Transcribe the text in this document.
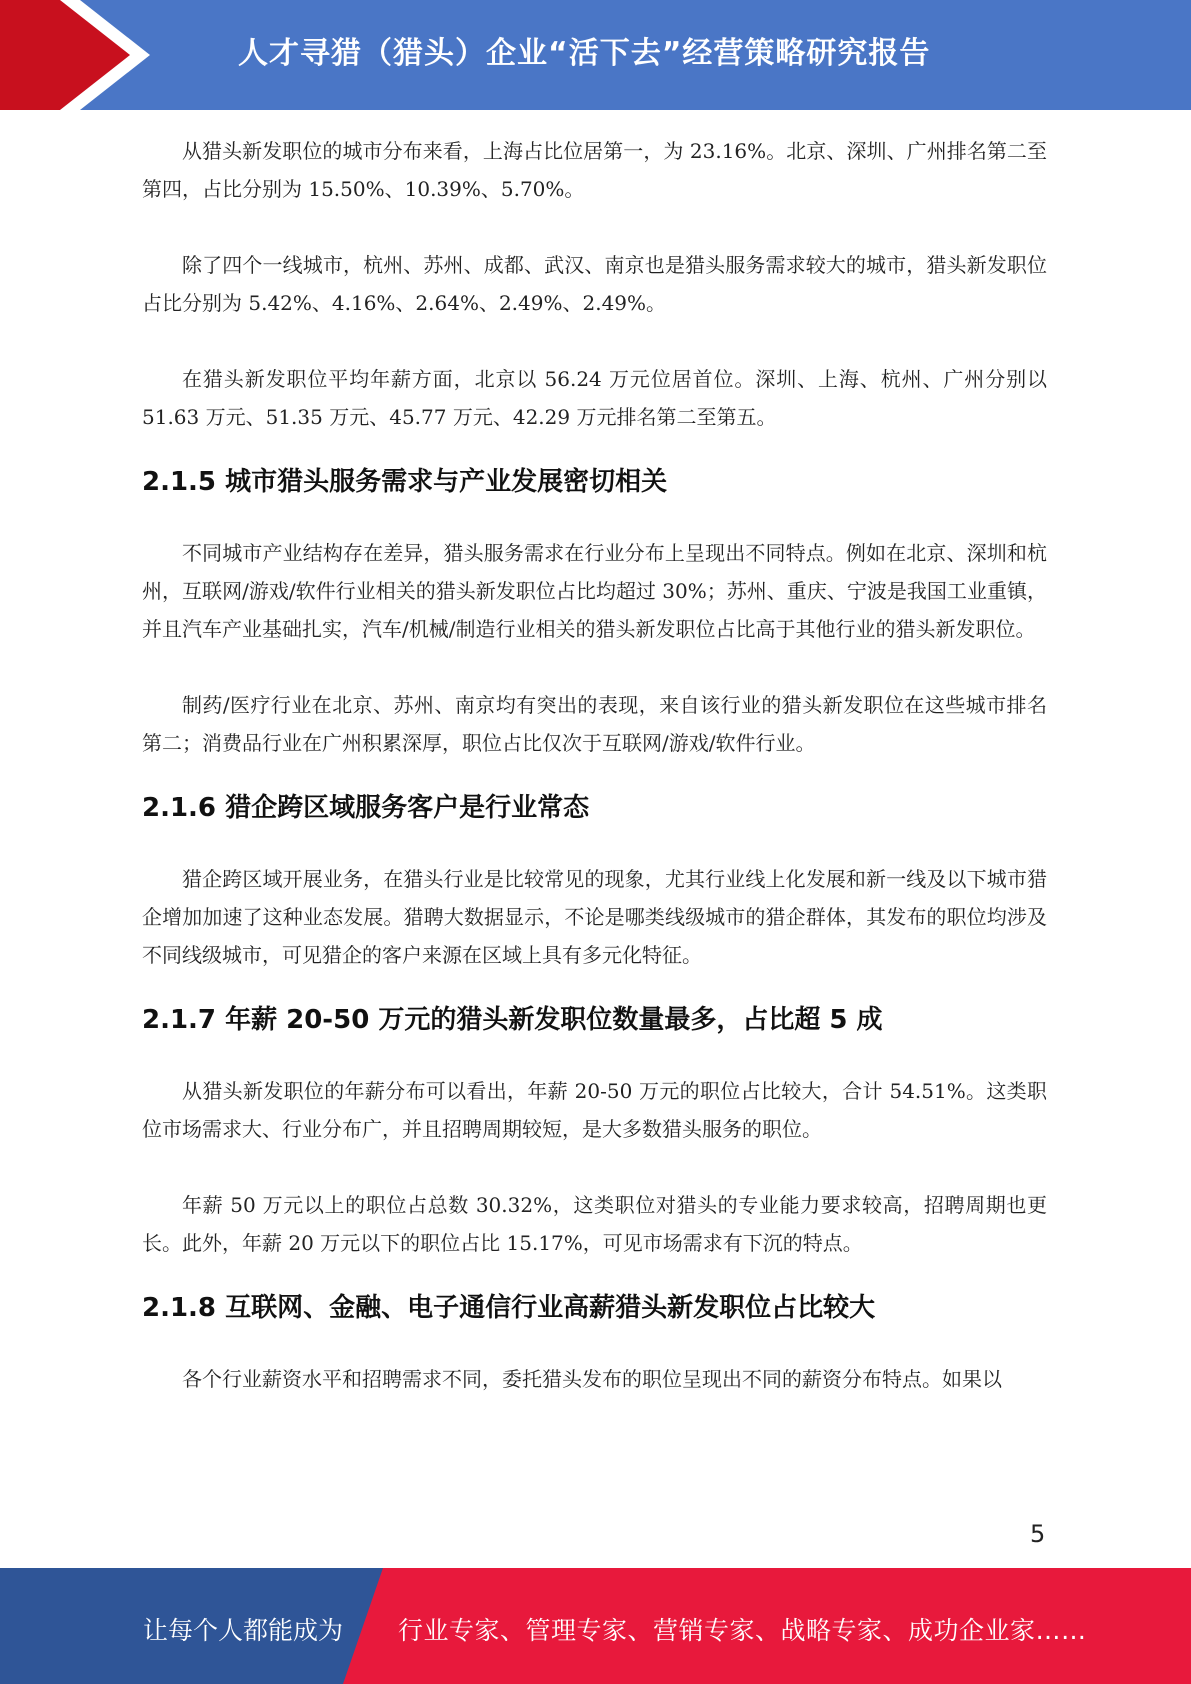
人才寻猎（猎头）企业“活下去”经营策略研究报告

从猎头新发职位的城市分布来看，上海占比位居第一，为 23.16%。北京、深圳、广州排名第二至第四，占比分别为 15.50%、10.39%、5.70%。

除了四个一线城市，杭州、苏州、成都、武汉、南京也是猎头服务需求较大的城市，猎头新发职位占比分别为 5.42%、4.16%、2.64%、2.49%、2.49%。

在猎头新发职位平均年薪方面，北京以 56.24 万元位居首位。深圳、上海、杭州、广州分别以 51.63 万元、51.35 万元、45.77 万元、42.29 万元排名第二至第五。

2.1.5 城市猎头服务需求与产业发展密切相关

不同城市产业结构存在差异，猎头服务需求在行业分布上呈现出不同特点。例如在北京、深圳和杭州，互联网/游戏/软件行业相关的猎头新发职位占比均超过 30%；苏州、重庆、宁波是我国工业重镇，并且汽车产业基础扎实，汽车/机械/制造行业相关的猎头新发职位占比高于其他行业的猎头新发职位。

制药/医疗行业在北京、苏州、南京均有突出的表现，来自该行业的猎头新发职位在这些城市排名第二；消费品行业在广州积累深厚，职位占比仅次于互联网/游戏/软件行业。

2.1.6 猎企跨区域服务客户是行业常态

猎企跨区域开展业务，在猎头行业是比较常见的现象，尤其行业线上化发展和新一线及以下城市猎企增加加速了这种业态发展。猎聘大数据显示，不论是哪类线级城市的猎企群体，其发布的职位均涉及不同线级城市，可见猎企的客户来源在区域上具有多元化特征。

2.1.7 年薪 20-50 万元的猎头新发职位数量最多，占比超 5 成

从猎头新发职位的年薪分布可以看出，年薪 20-50 万元的职位占比较大，合计 54.51%。这类职位市场需求大、行业分布广，并且招聘周期较短，是大多数猎头服务的职位。

年薪 50 万元以上的职位占总数 30.32%，这类职位对猎头的专业能力要求较高，招聘周期也更长。此外，年薪 20 万元以下的职位占比 15.17%，可见市场需求有下沉的特点。

2.1.8 互联网、金融、电子通信行业高薪猎头新发职位占比较大

各个行业薪资水平和招聘需求不同，委托猎头发布的职位呈现出不同的薪资分布特点。如果以

5
让每个人都能成为 行业专家、管理专家、营销专家、战略专家、成功企业家……
